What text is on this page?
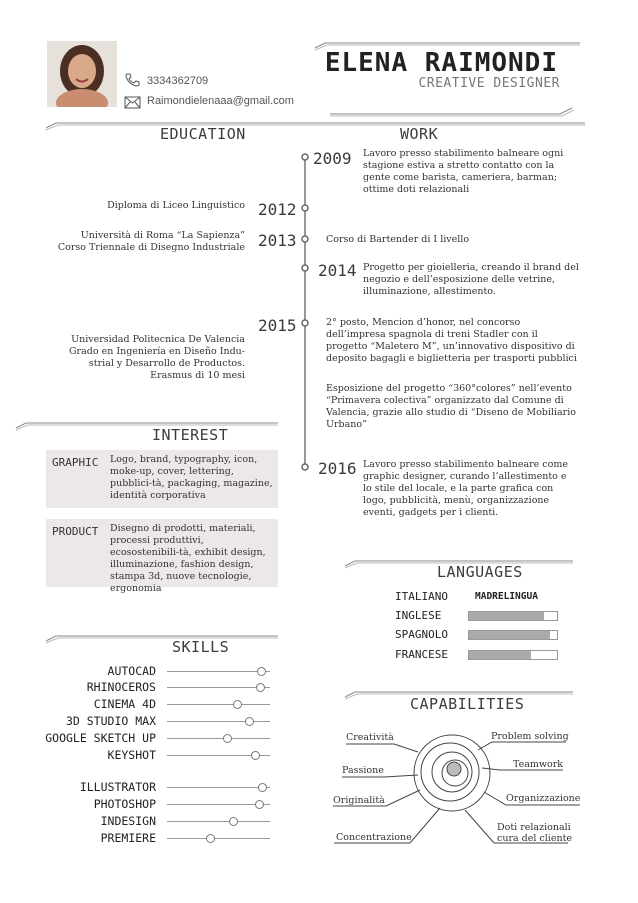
3334362709
Raimondielenaaa@gmail.com
ELENA RAIMONDI
CREATIVE DESIGNER
EDUCATION	WORK
INTEREST
SKILLS
LANGUAGES
CAPABILITIES
2009
2012
2013
2014
2015
2016
Diploma di Liceo Linguistico
Università di Roma “La Sapienza”
Corso Triennale di Disegno Industriale
Universidad Politecnica De Valencia
Grado en Ingeniería en Diseño Indu-
strial y Desarrollo de Productos.
Erasmus di 10 mesi
Lavoro presso stabilimento balneare ogni
stagione estiva a stretto contatto con la
gente come barista, cameriera, barman;
ottime doti relazionali
Corso di Bartender di I livello
Progetto per gioielleria, creando il brand del
negozio e dell’esposizione delle vetrine,
illuminazione, allestimento.
2° posto, Mencion d’honor, nel concorso
dell’impresa spagnola di treni Stadler con il
progetto “Maletero M”, un’innovativo dispositivo di
deposito bagagli e biglietteria per trasporti pubblici
Esposizione del progetto “360°colores” nell’evento
“Primavera colectiva” organizzato dal Comune di
Valencia, grazie allo studio di “Diseno de Mobiliario
Urbano”
Lavoro presso stabilimento balneare come
graphic designer, curando l’allestimento e
lo stile del locale, e la parte grafica con
logo, pubblicità, menù, organizzazione
eventi, gadgets per i clienti.
GRAPHIC Logo, brand, typography, icon, moke-up, cover, lettering, pubblici-tà, packaging, magazine, identità corporativa
PRODUCT Disegno di prodotti, materiali, processi produttivi, ecosostenibili-tà, exhibit design, illuminazione, fashion design, stampa 3d, nuove tecnologie, ergonomia
AUTOCAD
RHINOCEROS
CINEMA 4D
3D STUDIO MAX
GOOGLE SKETCH UP
KEYSHOT
ILLUSTRATOR
PHOTOSHOP
INDESIGN
PREMIERE
ITALIANO	MADRELINGUA
INGLESE
SPAGNOLO
FRANCESE
Creatività
Passione
Originalità
Concentrazione
Problem solving
Teamwork
Organizzazione
Doti relazionali
cura del cliente
